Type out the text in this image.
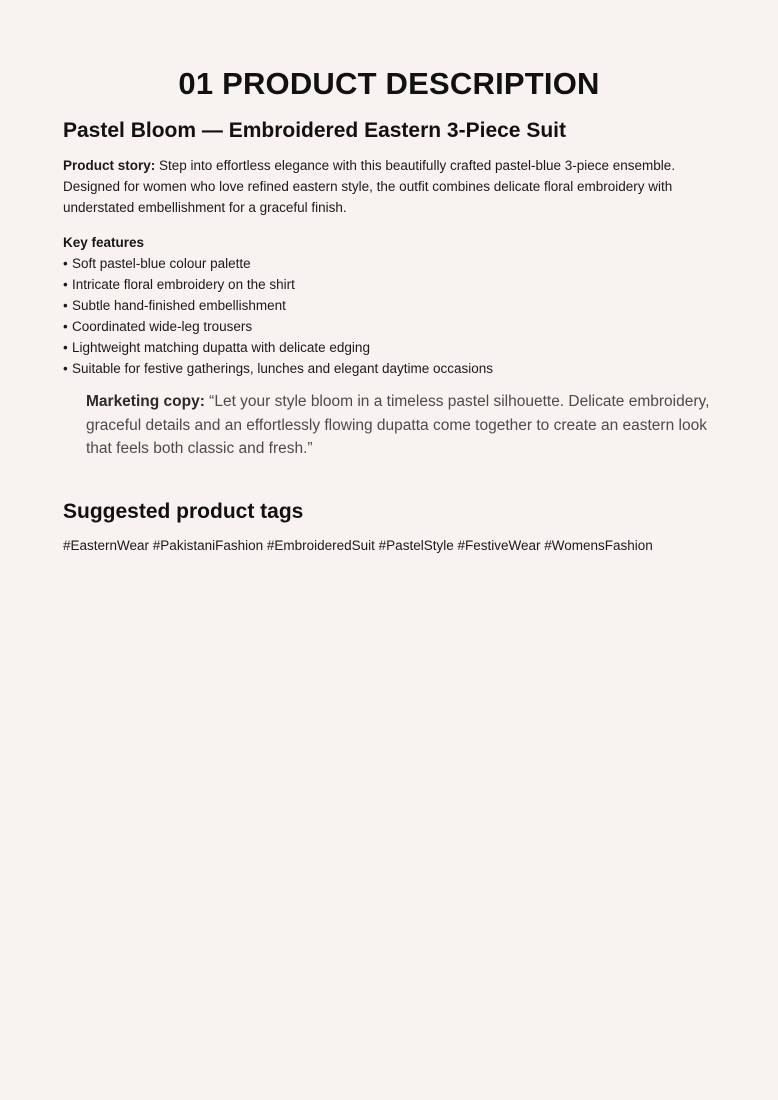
01 PRODUCT DESCRIPTION
Pastel Bloom — Embroidered Eastern 3-Piece Suit

Product story: Step into effortless elegance with this beautifully crafted pastel-blue 3-piece ensemble. Designed for women who love refined eastern style, the outfit combines delicate floral embroidery with understated embellishment for a graceful finish.

Key features
• Soft pastel-blue colour palette
• Intricate floral embroidery on the shirt
• Subtle hand-finished embellishment
• Coordinated wide-leg trousers
• Lightweight matching dupatta with delicate edging
• Suitable for festive gatherings, lunches and elegant daytime occasions

Marketing copy: “Let your style bloom in a timeless pastel silhouette. Delicate embroidery, graceful details and an effortlessly flowing dupatta come together to create an eastern look that feels both classic and fresh.”

Suggested product tags

#EasternWear #PakistaniFashion #EmbroideredSuit #PastelStyle #FestiveWear #WomensFashion
